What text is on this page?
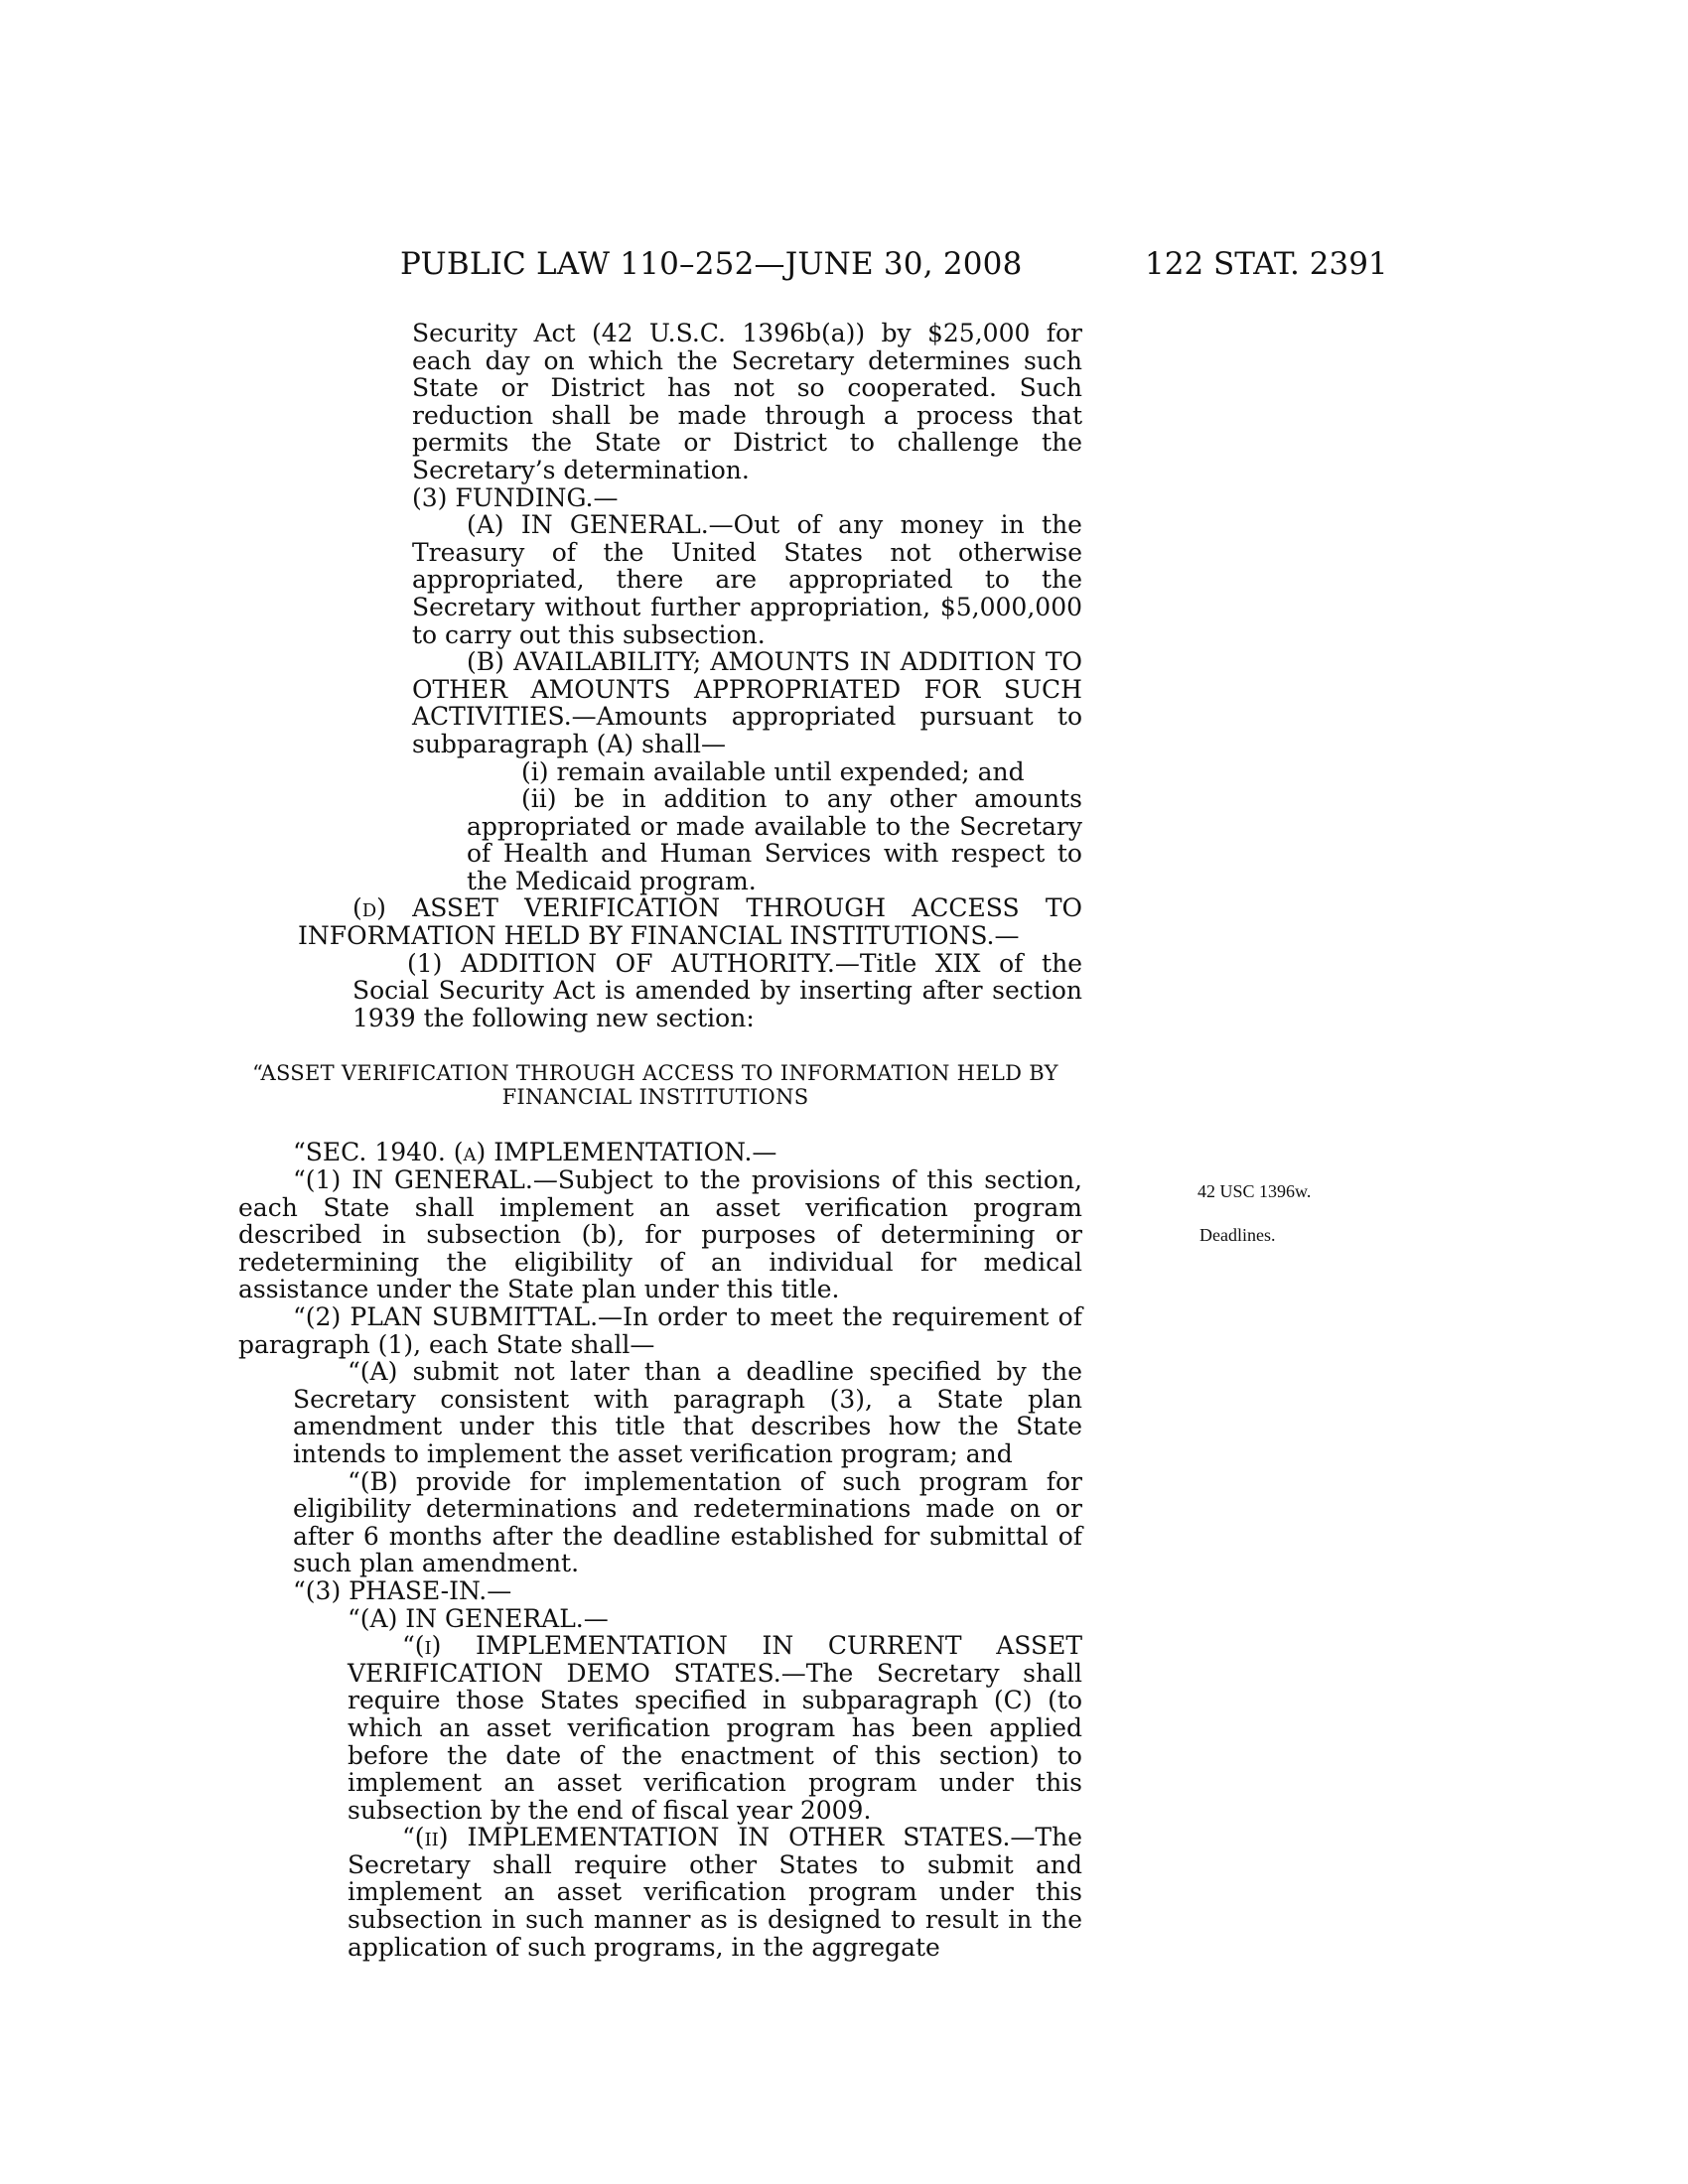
PUBLIC LAW 110–252—JUNE 30, 2008	122 STAT. 2391
42 USC 1396w.
Deadlines.

Security Act (42 U.S.C. 1396b(a)) by $25,000 for each day on which the Secretary determines such State or District has not so cooperated. Such reduction shall be made through a process that permits the State or District to challenge the Secretary’s determination.

(3) FUNDING.—

(A) IN GENERAL.—Out of any money in the Treasury of the United States not otherwise appropriated, there are appropriated to the Secretary without further appropriation, $5,000,000 to carry out this subsection.

(B) AVAILABILITY; AMOUNTS IN ADDITION TO OTHER AMOUNTS APPROPRIATED FOR SUCH ACTIVITIES.—Amounts appropriated pursuant to subparagraph (A) shall—

(i) remain available until expended; and

(ii) be in addition to any other amounts appropriated or made available to the Secretary of Health and Human Services with respect to the Medicaid program.

(d) ASSET VERIFICATION THROUGH ACCESS TO INFORMATION HELD BY FINANCIAL INSTITUTIONS.—

(1) ADDITION OF AUTHORITY.—Title XIX of the Social Security Act is amended by inserting after section 1939 the following new section:

“ASSET VERIFICATION THROUGH ACCESS TO INFORMATION HELD BY FINANCIAL INSTITUTIONS

“SEC. 1940. (a) IMPLEMENTATION.—

“(1) IN GENERAL.—Subject to the provisions of this section, each State shall implement an asset verification program described in subsection (b), for purposes of determining or redetermining the eligibility of an individual for medical assistance under the State plan under this title.

“(2) PLAN SUBMITTAL.—In order to meet the requirement of paragraph (1), each State shall—

“(A) submit not later than a deadline specified by the Secretary consistent with paragraph (3), a State plan amendment under this title that describes how the State intends to implement the asset verification program; and

“(B) provide for implementation of such program for eligibility determinations and redeterminations made on or after 6 months after the deadline established for submittal of such plan amendment.

“(3) PHASE-IN.—

“(A) IN GENERAL.—

“(i) IMPLEMENTATION IN CURRENT ASSET VERIFICATION DEMO STATES.—The Secretary shall require those States specified in subparagraph (C) (to which an asset verification program has been applied before the date of the enactment of this section) to implement an asset verification program under this subsection by the end of fiscal year 2009.

“(ii) IMPLEMENTATION IN OTHER STATES.—The Secretary shall require other States to submit and implement an asset verification program under this subsection in such manner as is designed to result in the application of such programs, in the aggregate
